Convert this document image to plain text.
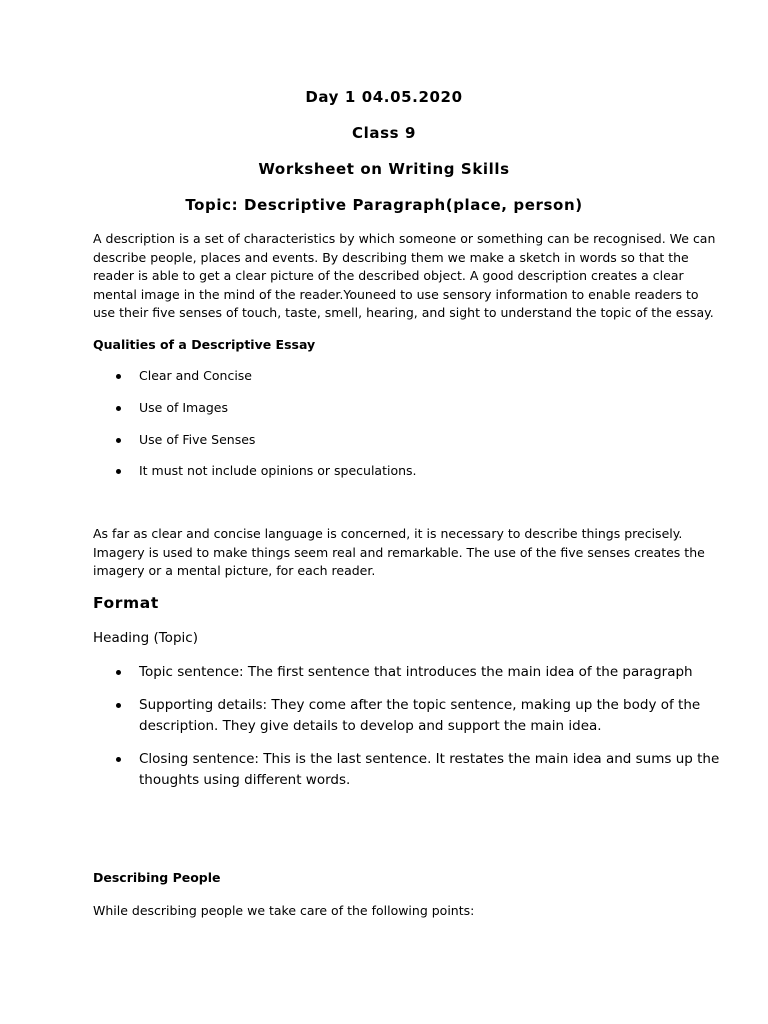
Day 1 04.05.2020
Class 9
Worksheet on Writing Skills
Topic: Descriptive Paragraph(place, person)
A description is a set of characteristics by which someone or something can be recognised. We can
describe people, places and events. By describing them we make a sketch in words so that the
reader is able to get a clear picture of the described object. A good description creates a clear
mental image in the mind of the reader.Youneed to use sensory information to enable readers to
use their five senses of touch, taste, smell, hearing, and sight to understand the topic of the essay.
Qualities of a Descriptive Essay
Clear and Concise
Use of Images
Use of Five Senses
It must not include opinions or speculations.
As far as clear and concise language is concerned, it is necessary to describe things precisely.
Imagery is used to make things seem real and remarkable. The use of the five senses creates the
imagery or a mental picture, for each reader.
Format
Heading (Topic)
Topic sentence: The first sentence that introduces the main idea of the paragraph
Supporting details: They come after the topic sentence, making up the body of the
description. They give details to develop and support the main idea.
Closing sentence: This is the last sentence. It restates the main idea and sums up the
thoughts using different words.
Describing People
While describing people we take care of the following points:
